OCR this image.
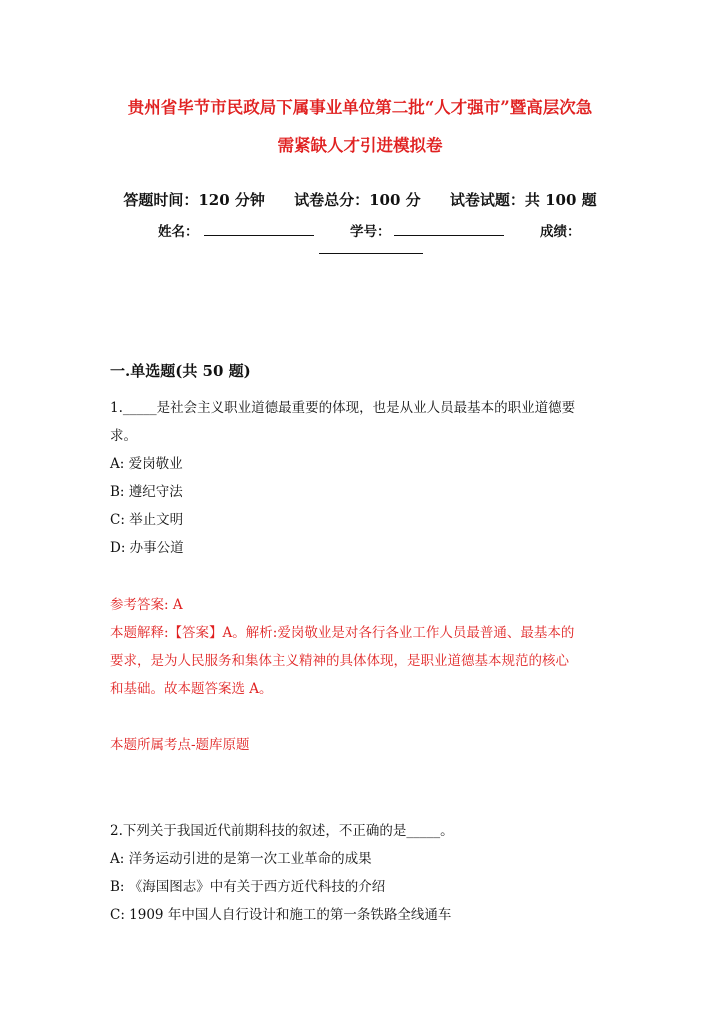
贵州省毕节市民政局下属事业单位第二批“人才强市”暨高层次急
需紧缺人才引进模拟卷
答题时间：120 分钟 试卷总分：100 分 试卷试题：共 100 题
姓名：	学号：	成绩：
一.单选题(共 50 题)
1._____是社会主义职业道德最重要的体现，也是从业人员最基本的职业道德要
求。
A: 爱岗敬业
B: 遵纪守法
C: 举止文明
D: 办事公道
参考答案: A
本题解释:【答案】A。解析:爱岗敬业是对各行各业工作人员最普通、最基本的
要求，是为人民服务和集体主义精神的具体体现，是职业道德基本规范的核心
和基础。故本题答案选 A。
本题所属考点-题库原题
2.下列关于我国近代前期科技的叙述，不正确的是_____。
A: 洋务运动引进的是第一次工业革命的成果
B: 《海国图志》中有关于西方近代科技的介绍
C: 1909 年中国人自行设计和施工的第一条铁路全线通车
